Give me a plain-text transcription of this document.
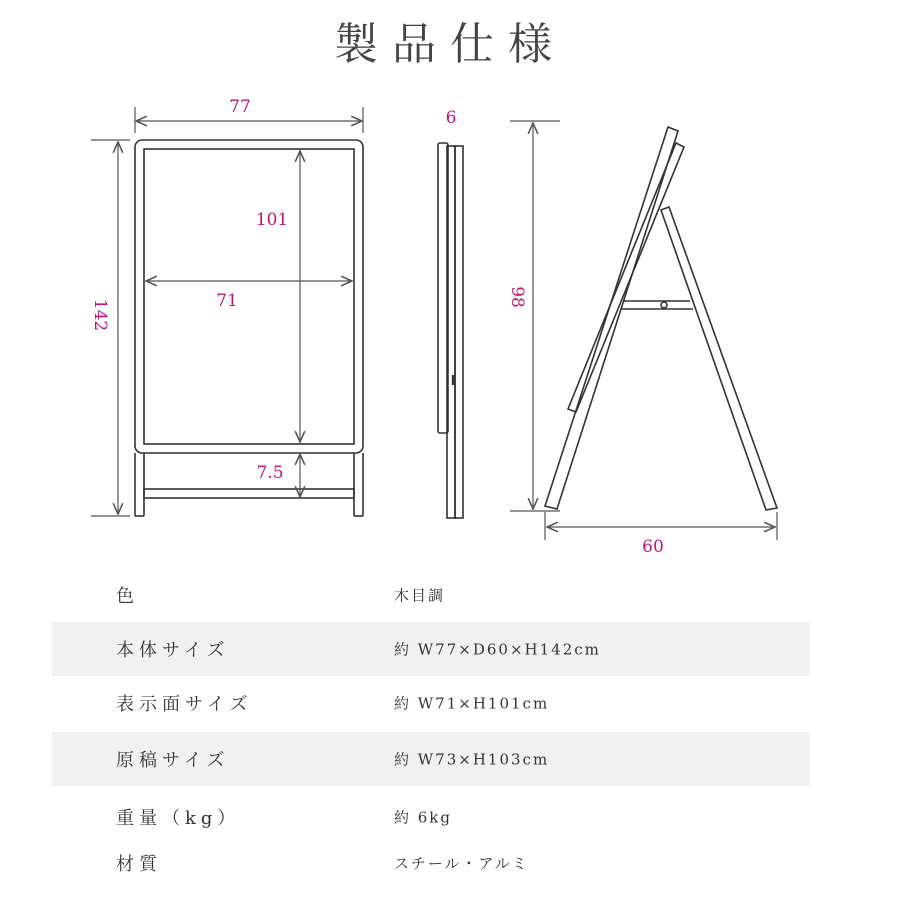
製品仕様
77
101
71
7.5
142
6
98
60
色	木目調
本体サイズ	約 W77×D60×H142cm
表示面サイズ	約 W71×H101cm
原稿サイズ	約 W73×H103cm
重量（kg）	約 6kg
材質	スチール・アルミ
